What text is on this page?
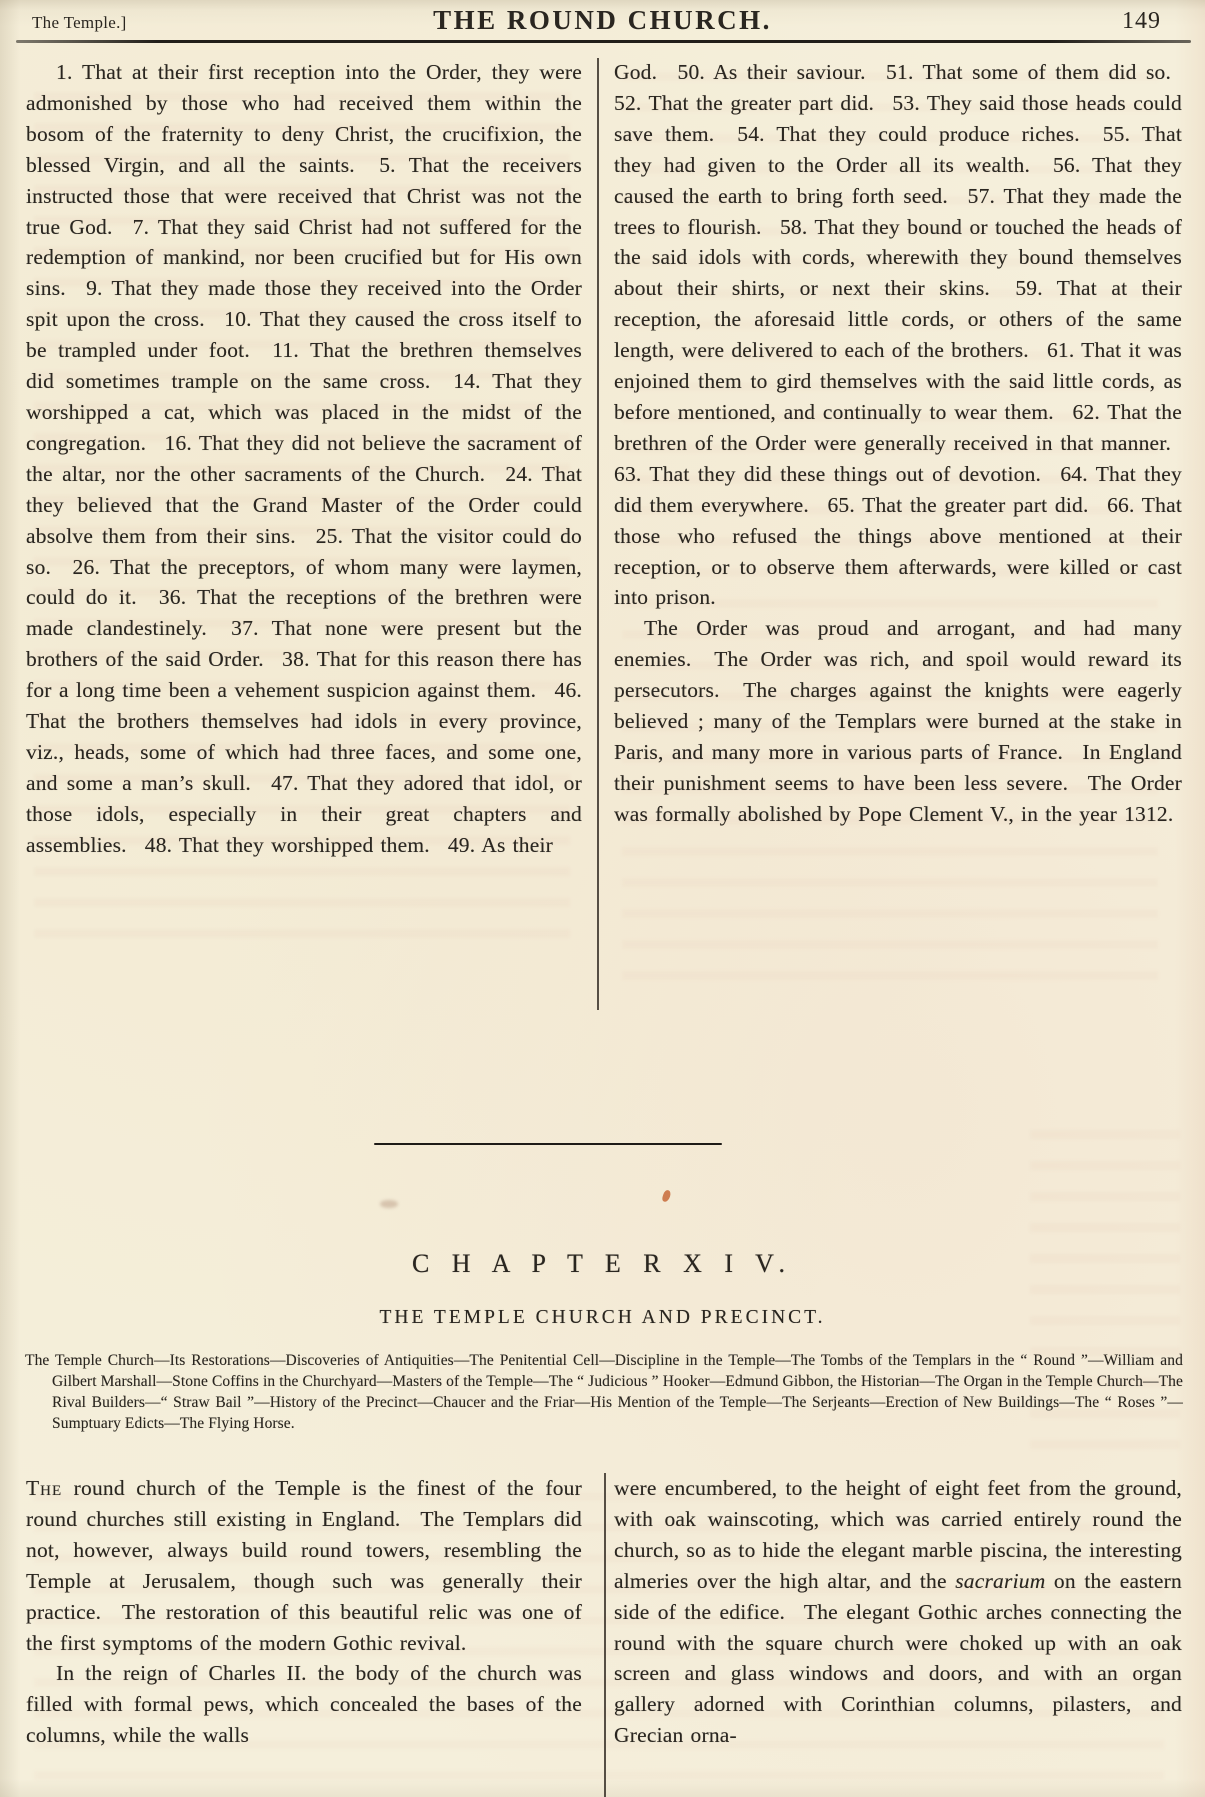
The Temple.]	THE ROUND CHURCH.	149

1. That at their first reception into the Order, they were admonished by those who had received them within the bosom of the fraternity to deny Christ, the crucifixion, the blessed Virgin, and all the saints.  5. That the receivers instructed those that were received that Christ was not the true God.  7. That they said Christ had not suffered for the redemption of mankind, nor been crucified but for His own sins.  9. That they made those they received into the Order spit upon the cross.  10. That they caused the cross itself to be trampled under foot.  11. That the brethren themselves did sometimes trample on the same cross.  14. That they worshipped a cat, which was placed in the midst of the congregation.  16. That they did not believe the sacrament of the altar, nor the other sacraments of the Church.  24. That they believed that the Grand Master of the Order could absolve them from their sins.  25. That the visitor could do so.  26. That the preceptors, of whom many were laymen, could do it.  36. That the receptions of the brethren were made clandestinely.  37. That none were present but the brothers of the said Order.  38. That for this reason there has for a long time been a vehement suspicion against them.  46. That the brothers themselves had idols in every province, viz., heads, some of which had three faces, and some one, and some a man’s skull.  47. That they adored that idol, or those idols, especially in their great chapters and assemblies.  48. That they worshipped them.  49. As their

God.  50. As their saviour.  51. That some of them did so.  52. That the greater part did.  53. They said those heads could save them.  54. That they could produce riches.  55. That they had given to the Order all its wealth.  56. That they caused the earth to bring forth seed.  57. That they made the trees to flourish.  58. That they bound or touched the heads of the said idols with cords, wherewith they bound themselves about their shirts, or next their skins.  59. That at their reception, the aforesaid little cords, or others of the same length, were delivered to each of the brothers.  61. That it was enjoined them to gird themselves with the said little cords, as before mentioned, and continually to wear them.  62. That the brethren of the Order were generally received in that manner.  63. That they did these things out of devotion.  64. That they did them everywhere.  65. That the greater part did.  66. That those who refused the things above mentioned at their reception, or to observe them afterwards, were killed or cast into prison.

The Order was proud and arrogant, and had many enemies.  The Order was rich, and spoil would reward its persecutors.  The charges against the knights were eagerly believed ; many of the Templars were burned at the stake in Paris, and many more in various parts of France.  In England their punishment seems to have been less severe.  The Order was formally abolished by Pope Clement V., in the year 1312.

C H A P T E R X I V.
THE TEMPLE CHURCH AND PRECINCT.

The Temple Church—Its Restorations—Discoveries of Antiquities—The Penitential Cell—Discipline in the Temple—The Tombs of the Templars in the “ Round ”—William and Gilbert Marshall—Stone Coffins in the Churchyard—Masters of the Temple—The “ Judicious ” Hooker—Edmund Gibbon, the Historian—The Organ in the Temple Church—The Rival Builders—“ Straw Bail ”—History of the Precinct—Chaucer and the Friar—His Mention of the Temple—The Serjeants—Erection of New Buildings—The “ Roses ”—Sumptuary Edicts—The Flying Horse.

The round church of the Temple is the finest of the four round churches still existing in England.  The Templars did not, however, always build round towers, resembling the Temple at Jerusalem, though such was generally their practice.  The restoration of this beautiful relic was one of the first symptoms of the modern Gothic revival.

In the reign of Charles II. the body of the church was filled with formal pews, which concealed the bases of the columns, while the walls

were encumbered, to the height of eight feet from the ground, with oak wainscoting, which was carried entirely round the church, so as to hide the elegant marble piscina, the interesting almeries over the high altar, and the sacrarium on the eastern side of the edifice.  The elegant Gothic arches connecting the round with the square church were choked up with an oak screen and glass windows and doors, and with an organ gallery adorned with Corinthian columns, pilasters, and Grecian orna-
